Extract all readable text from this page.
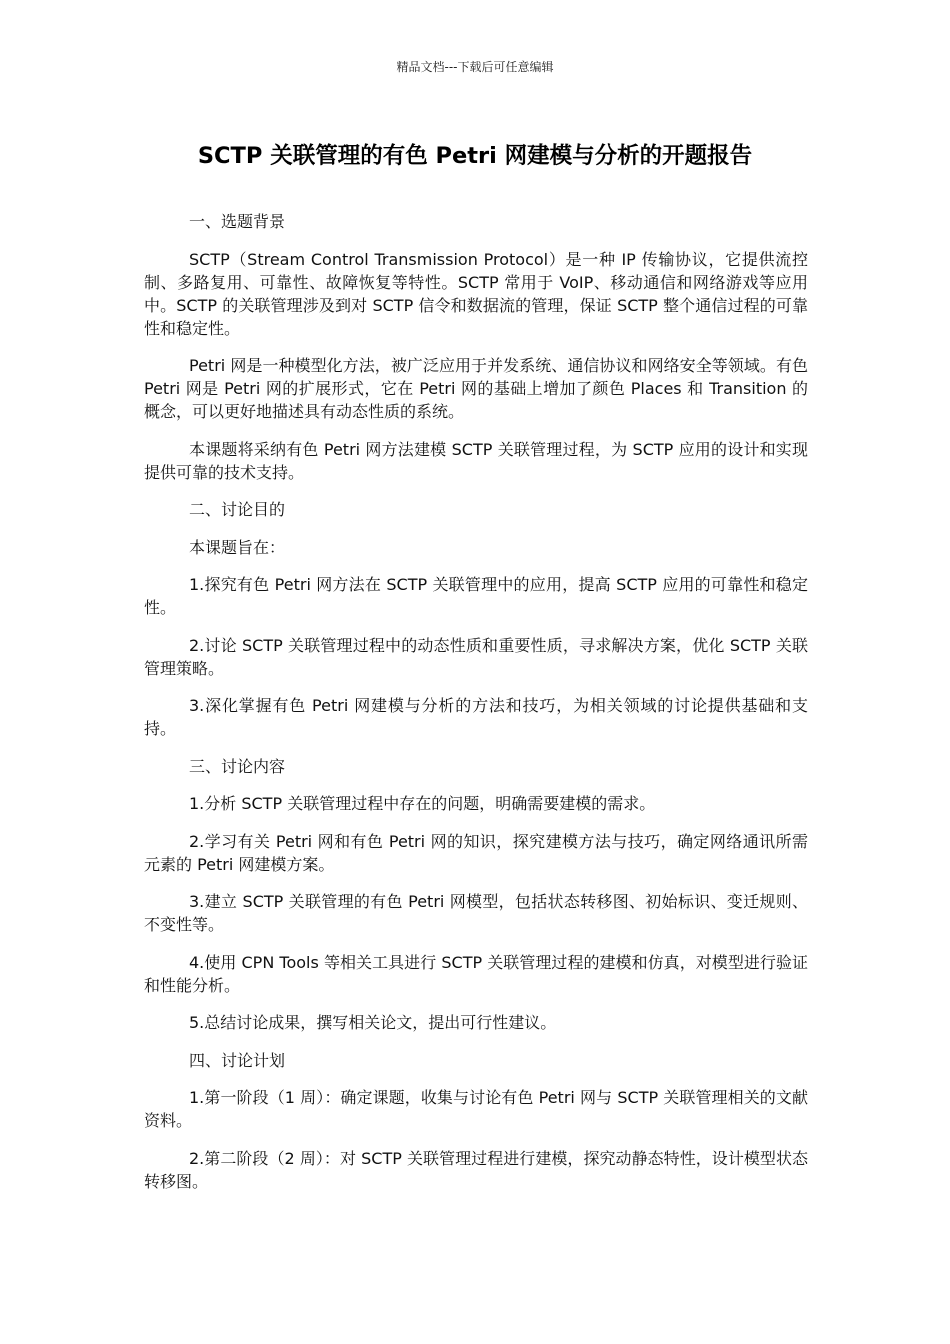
精品文档---下载后可任意编辑
SCTP 关联管理的有色 Petri 网建模与分析的开题报告

一、选题背景

SCTP（Stream Control Transmission Protocol）是一种 IP 传输协议，它提供流控制、多路复用、可靠性、故障恢复等特性。SCTP 常用于 VoIP、移动通信和网络游戏等应用中。SCTP 的关联管理涉及到对 SCTP 信令和数据流的管理，保证 SCTP 整个通信过程的可靠性和稳定性。

Petri 网是一种模型化方法，被广泛应用于并发系统、通信协议和网络安全等领域。有色 Petri 网是 Petri 网的扩展形式，它在 Petri 网的基础上增加了颜色 Places 和 Transition 的概念，可以更好地描述具有动态性质的系统。

本课题将采纳有色 Petri 网方法建模 SCTP 关联管理过程，为 SCTP 应用的设计和实现提供可靠的技术支持。

二、讨论目的

本课题旨在：

1.探究有色 Petri 网方法在 SCTP 关联管理中的应用，提高 SCTP 应用的可靠性和稳定性。

2.讨论 SCTP 关联管理过程中的动态性质和重要性质，寻求解决方案，优化 SCTP 关联管理策略。

3.深化掌握有色 Petri 网建模与分析的方法和技巧，为相关领域的讨论提供基础和支持。

三、讨论内容

1.分析 SCTP 关联管理过程中存在的问题，明确需要建模的需求。

2.学习有关 Petri 网和有色 Petri 网的知识，探究建模方法与技巧，确定网络通讯所需元素的 Petri 网建模方案。

3.建立 SCTP 关联管理的有色 Petri 网模型，包括状态转移图、初始标识、变迁规则、不变性等。

4.使用 CPN Tools 等相关工具进行 SCTP 关联管理过程的建模和仿真，对模型进行验证和性能分析。

5.总结讨论成果，撰写相关论文，提出可行性建议。

四、讨论计划

1.第一阶段（1 周）：确定课题，收集与讨论有色 Petri 网与 SCTP 关联管理相关的文献资料。

2.第二阶段（2 周）：对 SCTP 关联管理过程进行建模，探究动静态特性，设计模型状态转移图。
